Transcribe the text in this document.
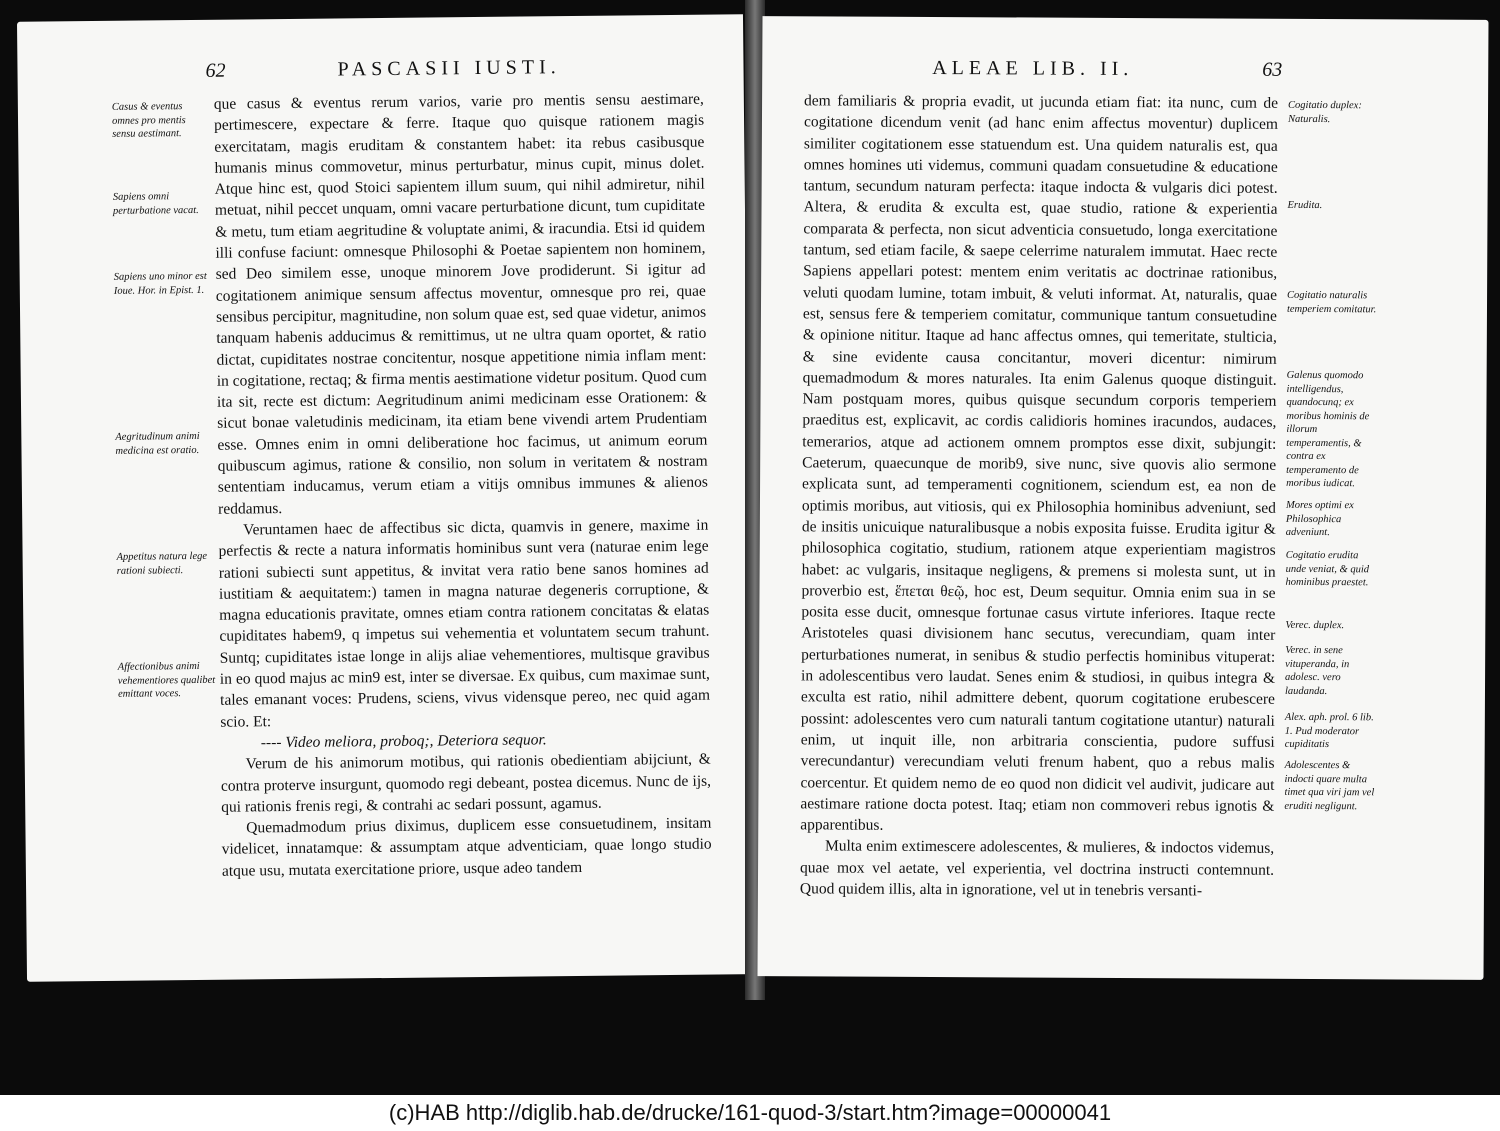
62	PASCASII IUSTI.
Casus & eventus omnes pro mentis sensu aestimant.
Sapiens omni perturbatione vacat.
Sapiens uno minor est Ioue. Hor. in Epist. 1.
Aegritudinum animi medicina est oratio.
Appetitus natura lege rationi subiecti.
Affectionibus animi vehementiores qualibet emittant voces.

que casus & eventus rerum varios, varie pro mentis sensu aestimare, pertimescere, expectare & ferre. Itaque quo quisque rationem magis exercitatam, magis eruditam & constantem habet: ita rebus casibusque humanis minus commovetur, minus perturbatur, minus cupit, minus dolet. Atque hinc est, quod Stoici sapientem illum suum, qui nihil admiretur, nihil metuat, nihil peccet unquam, omni vacare perturbatione dicunt, tum cupiditate & metu, tum etiam aegritudine & voluptate animi, & iracundia. Etsi id quidem illi confuse faciunt: omnesque Philosophi & Poetae sapientem non hominem, sed Deo similem esse, unoque minorem Jove prodiderunt. Si igitur ad cogitationem animique sensum affectus moventur, omnesque pro rei, quae sensibus percipitur, magnitudine, non solum quae est, sed quae videtur, animos tanquam habenis adducimus & remittimus, ut ne ultra quam oportet, & ratio dictat, cupiditates nostrae concitentur, nosque appetitione nimia inflam ment: in cogitatione, rectaq; & firma mentis aestimatione videtur positum. Quod cum ita sit, recte est dictum: Aegritudinum animi medicinam esse Orationem: & sicut bonae valetudinis medicinam, ita etiam bene vivendi artem Prudentiam esse. Omnes enim in omni deliberatione hoc facimus, ut animum eorum quibuscum agimus, ratione & consilio, non solum in veritatem & nostram sententiam inducamus, verum etiam a vitijs omnibus immunes & alienos reddamus.

Veruntamen haec de affectibus sic dicta, quamvis in genere, maxime in perfectis & recte a natura informatis hominibus sunt vera (naturae enim lege rationi subiecti sunt appetitus, & invitat vera ratio bene sanos homines ad iustitiam & aequitatem:) tamen in magna naturae degeneris corruptione, & magna educationis pravitate, omnes etiam contra rationem concitatas & elatas cupiditates habem9, q impetus sui vehementia et voluntatem secum trahunt. Suntq; cupiditates istae longe in alijs aliae vehementiores, multisque gravibus in eo quod majus ac min9 est, inter se diversae. Ex quibus, cum maximae sunt, tales emanant voces: Prudens, sciens, vivus vidensque pereo, nec quid agam scio. Et:

---- Video meliora, proboq;, Deteriora sequor.

Verum de his animorum motibus, qui rationis obedientiam abijciunt, & contra proterve insurgunt, quomodo regi debeant, postea dicemus. Nunc de ijs, qui rationis frenis regi, & contrahi ac sedari possunt, agamus.

Quemadmodum prius diximus, duplicem esse consuetudinem, insitam videlicet, innatamque: & assumptam atque adventiciam, quae longo studio atque usu, mutata exercitatione priore, usque adeo tandem

ALEAE LIB. II.	63

dem familiaris & propria evadit, ut jucunda etiam fiat: ita nunc, cum de cogitatione dicendum venit (ad hanc enim affectus moventur) duplicem similiter cogitationem esse statuendum est. Una quidem naturalis est, qua omnes homines uti videmus, communi quadam consuetudine & educatione tantum, secundum naturam perfecta: itaque indocta & vulgaris dici potest. Altera, & erudita & exculta est, quae studio, ratione & experientia comparata & perfecta, non sicut adventicia consuetudo, longa exercitatione tantum, sed etiam facile, & saepe celerrime naturalem immutat. Haec recte Sapiens appellari potest: mentem enim veritatis ac doctrinae rationibus, veluti quodam lumine, totam imbuit, & veluti informat. At, naturalis, quae est, sensus fere & temperiem comitatur, communique tantum consuetudine & opinione nititur. Itaque ad hanc affectus omnes, qui temeritate, stulticia, & sine evidente causa concitantur, moveri dicentur: nimirum quemadmodum & mores naturales. Ita enim Galenus quoque distinguit. Nam postquam mores, quibus quisque secundum corporis temperiem praeditus est, explicavit, ac cordis calidioris homines iracundos, audaces, temerarios, atque ad actionem omnem promptos esse dixit, subjungit: Caeterum, quaecunque de morib9, sive nunc, sive quovis alio sermone explicata sunt, ad temperamenti cognitionem, sciendum est, ea non de optimis moribus, aut vitiosis, qui ex Philosophia hominibus adveniunt, sed de insitis unicuique naturalibusque a nobis exposita fuisse. Erudita igitur & philosophica cogitatio, studium, rationem atque experientiam magistros habet: ac vulgaris, insitaque negligens, & premens si molesta sunt, ut in proverbio est, ἕπεται θεῷ, hoc est, Deum sequitur. Omnia enim sua in se posita esse ducit, omnesque fortunae casus virtute inferiores. Itaque recte Aristoteles quasi divisionem hanc secutus, verecundiam, quam inter perturbationes numerat, in senibus & studio perfectis hominibus vituperat: in adolescentibus vero laudat. Senes enim & studiosi, in quibus integra & exculta est ratio, nihil admittere debent, quorum cogitatione erubescere possint: adolescentes vero cum naturali tantum cogitatione utantur) naturali enim, ut inquit ille, non arbitraria conscientia, pudore suffusi verecundantur) verecundiam veluti frenum habent, quo a rebus malis coercentur. Et quidem nemo de eo quod non didicit vel audivit, judicare aut aestimare ratione docta potest. Itaq; etiam non commoveri rebus ignotis & apparentibus.

Multa enim extimescere adolescentes, & mulieres, & indoctos videmus, quae mox vel aetate, vel experientia, vel doctrina instructi contemnunt. Quod quidem illis, alta in ignoratione, vel ut in tenebris versanti-

Cogitatio duplex: Naturalis.
Erudita.
Cogitatio naturalis temperiem comitatur.
Galenus quomodo intelligendus, quandocunq; ex moribus hominis de illorum temperamentis, & contra ex temperamento de moribus iudicat.
Mores optimi ex Philosophica adveniunt.
Cogitatio erudita unde veniat, & quid hominibus praestet.
Verec. duplex.
Verec. in sene vituperanda, in adolesc. vero laudanda.
Alex. aph. prol. 6 lib. 1. Pud moderator cupiditatis
Adolescentes & indocti quare multa timet qua viri jam vel eruditi negligunt.
(c)HAB http://diglib.hab.de/drucke/161-quod-3/start.htm?image=00000041
